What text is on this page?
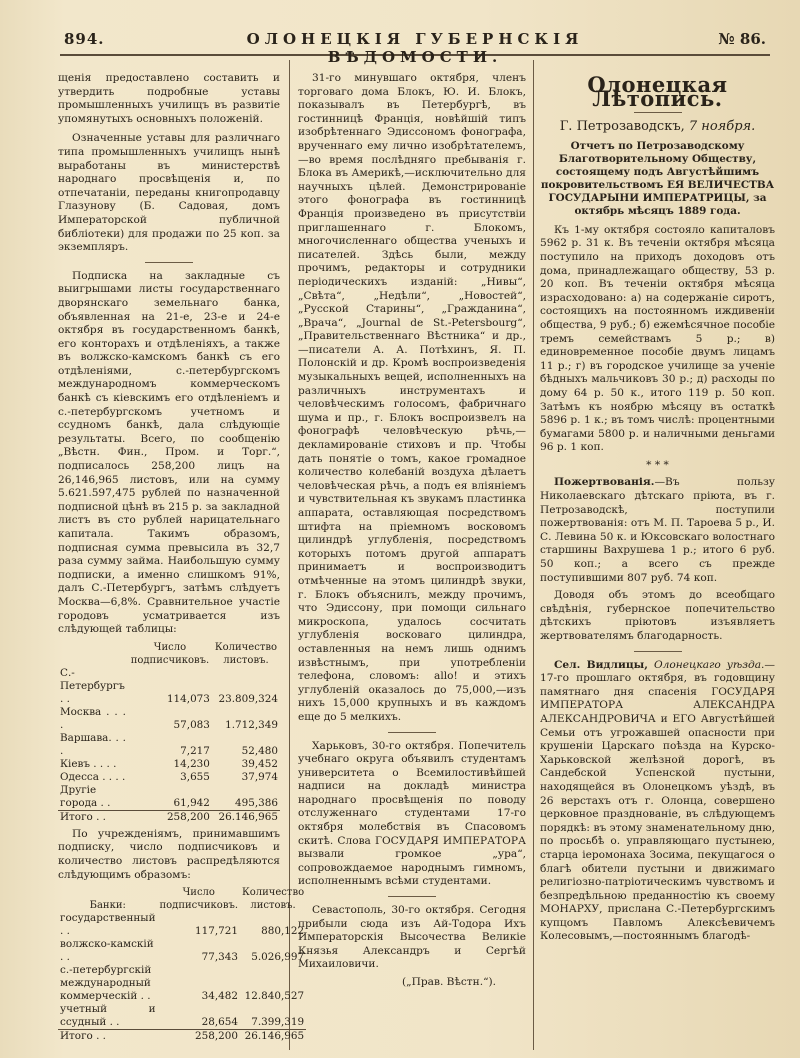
894.	ОЛОНЕЦКІЯ ГУБЕРНСКІЯ ВѢДОМОСТИ.
№ 86.

щенія предоставлено составить и утвердить подробные уставы промышленныхъ училищъ въ развитіе упомянутыхъ основныхъ положеній.

Означенные уставы для различнаго типа промышленныхъ училищъ нынѣ выработаны въ министерствѣ народнаго просвѣщенія и, по отпечатаніи, переданы книгопродавцу Глазунову (Б. Садовая, домъ Императорской публичной библіотеки) для продажи по 25 коп. за экземпляръ.

Подписка на закладные съ выигрышами листы государственнаго дворянскаго земельнаго банка, объявленная на 21-е, 23-е и 24-е октября въ государственномъ банкѣ, его конторахъ и отдѣленіяхъ, а также въ волжско-камскомъ банкѣ съ его отдѣленіями, с.-петербургскомъ международномъ коммерческомъ банкѣ съ кіевскимъ его отдѣленіемъ и с.-петербургскомъ учетномъ и ссудномъ банкѣ, дала слѣдующіе результаты. Всего, по сообщенію „Вѣстн. Фин., Пром. и Торг.“, подписалось 258,200 лицъ на 26,146,965 листовъ, или на сумму 5.621.597,475 рублей по назначенной подписной цѣнѣ въ 215 р. за закладной листъ въ сто рублей нарицательнаго капитала. Такимъ образомъ, подписная сумма превысила въ 32,7 раза сумму займа. Наибольшую сумму подписки, а именно слишкомъ 91%, далъ С.-Петербургъ, затѣмъ слѣдуетъ Москва—6,8%. Сравнительное участіе городовъ усматривается изъ слѣдующей таблицы:

	Число подписчиковъ.	Количество листовъ.
С.-Петербургъ . .	114,073	23.809,324
Москва . . . .	57,083	1.712,349
Варшава. . . .	7,217	52,480
Кіевъ . . . .	14,230	39,452
Одесса . . . .	3,655	37,974
Другіе города . .	61,942	495,386
Итого . .	258,200	26.146,965

По учрежденіямъ, принимавшимъ подписку, число подписчиковъ и количество листовъ распредѣляются слѣдующимъ образомъ:

Банки:	Число подписчиковъ.	Количество листовъ.
государственный . .	117,721	880,122
волжско-камскій . .	77,343	5.026,997
с.-петербургскій международный коммерческій . .	34,482	12.840,527
учетный и ссудный . .	28,654	7.399,319
Итого . .	258,200	26.146,965

31-го минувшаго октября, членъ торговаго дома Блокъ, Ю. И. Блокъ, показывалъ въ Петербургѣ, въ гостинницѣ Франція, новѣйшій типъ изобрѣтеннаго Эдиссономъ фонографа, врученнаго ему лично изобрѣтателемъ,—во время послѣдняго пребыванія г. Блока въ Америкѣ,—исключительно для научныхъ цѣлей. Демонстрированіе этого фонографа въ гостинницѣ Франція произведено въ присутствіи приглашеннаго г. Блокомъ, многочисленнаго общества ученыхъ и писателей. Здѣсь были, между прочимъ, редакторы и сотрудники періодическихъ изданій: „Нивы“, „Свѣта“, „Недѣли“, „Новостей“, „Русской Старины“, „Гражданина“, „Врача“, „Journal de St.-Petersbourg“, „Правительственнаго Вѣстника“ и др.,—писатели А. А. Потѣхинъ, Я. П. Полонскій и др. Кромѣ воспроизведенія музыкальныхъ вещей, исполненныхъ на различныхъ инструментахъ и человѣческимъ голосомъ, фабричнаго шума и пр., г. Блокъ воспроизвелъ на фонографѣ человѣческую рѣчь,—декламированіе стиховъ и пр. Чтобы дать понятіе о томъ, какое громадное количество колебаній воздуха дѣлаетъ человѣческая рѣчь, а подъ ея вліяніемъ и чувствительная къ звукамъ пластинка аппарата, оставляющая посредствомъ штифта на пріемномъ восковомъ цилиндрѣ углубленія, посредствомъ которыхъ потомъ другой аппаратъ принимаетъ и воспроизводитъ отмѣченные на этомъ цилиндрѣ звуки, г. Блокъ объяснилъ, между прочимъ, что Эдиссону, при помощи сильнаго микроскопа, удалось сосчитать углубленія восковаго цилиндра, оставленныя на немъ лишь однимъ извѣстнымъ, при употребленіи телефона, словомъ: allo! и этихъ углубленій оказалось до 75,000,—изъ нихъ 15,000 крупныхъ и въ каждомъ еще до 5 мелкихъ.

Харьковъ, 30-го октября. Попечитель учебнаго округа объявилъ студентамъ университета о Всемилостивѣйшей надписи на докладѣ министра народнаго просвѣщенія по поводу отслуженнаго студентами 17-го октября молебствія въ Спасовомъ скитѣ. Слова ГОСУДАРЯ ИМПЕРАТОРА вызвали громкое „ура“, сопровождаемое народнымъ гимномъ, исполненнымъ всѣми студентами.

Севастополь, 30-го октября. Сегодня прибыли сюда изъ Ай-Тодора Ихъ Императорскія Высочества Великіе Князья Александръ и Сергѣй Михаиловичи.

(„Прав. Вѣстн.“).
Олонецкая Лѣтопись.
Г. Петрозаводскъ, 7 ноября.
Отчетъ по Петрозаводскому Благотворительному Обществу, состоящему подъ Августѣйшимъ покровительствомъ ЕЯ ВЕЛИЧЕСТВА ГОСУДАРЫНИ ИМПЕРАТРИЦЫ, за октябрь мѣсяцъ 1889 года.

Къ 1-му октября состояло капиталовъ 5962 р. 31 к. Въ теченіи октября мѣсяца поступило на приходъ доходовъ отъ дома, принадлежащаго обществу, 53 р. 20 коп. Въ теченіи октября мѣсяца израсходовано: а) на содержаніе сиротъ, состоящихъ на постоянномъ иждивеніи общества, 9 руб.; б) ежемѣсячное пособіе тремъ семействамъ 5 р.; в) единовременное пособіе двумъ лицамъ 11 р.; г) въ городское училище за ученіе бѣдныхъ мальчиковъ 30 р.; д) расходы по дому 64 р. 50 к., итого 119 р. 50 коп. Затѣмъ къ ноябрю мѣсяцу въ остаткѣ 5896 р. 1 к.; въ томъ числѣ: процентными бумагами 5800 р. и наличными деньгами 96 р. 1 коп.

* * *

Пожертвованія.—Въ пользу Николаевскаго дѣтскаго пріюта, въ г. Петрозаводскѣ, поступили пожертвованія: отъ М. П. Тароева 5 р., И. С. Левина 50 к. и Юксовскаго волостнаго старшины Вахрушева 1 р.; итого 6 руб. 50 коп.; а всего съ прежде поступившими 807 руб. 74 коп.

Доводя объ этомъ до всеобщаго свѣдѣнія, губернское попечительство дѣтскихъ пріютовъ изъявляетъ жертвователямъ благодарность.

Сел. Видлицы, Олонецкаго уѣзда.—17-го прошлаго октября, въ годовщину памятнаго дня спасенія ГОСУДАРЯ ИМПЕРАТОРА АЛЕКСАНДРА АЛЕКСАНДРОВИЧА и ЕГО Августѣйшей Семьи отъ угрожавшей опасности при крушеніи Царскаго поѣзда на Курско-Харьковской желѣзной дорогѣ, въ Сандебской Успенской пустыни, находящейся въ Олонецкомъ уѣздѣ, въ 26 верстахъ отъ г. Олонца, совершено церковное празднованіе, въ слѣдующемъ порядкѣ: въ этому знаменательному дню, по просьбѣ о. управляющаго пустынею, старца іеромонаха Зосима, пекущагося о благѣ обители пустыни и движимаго религіозно-патріотическимъ чувствомъ и безпредѣльною преданностію къ своему МОНАРХУ, прислана С.-Петербургскимъ купцомъ Павломъ Алексѣевичемъ Колесовымъ,—постояннымъ благодѣ-
